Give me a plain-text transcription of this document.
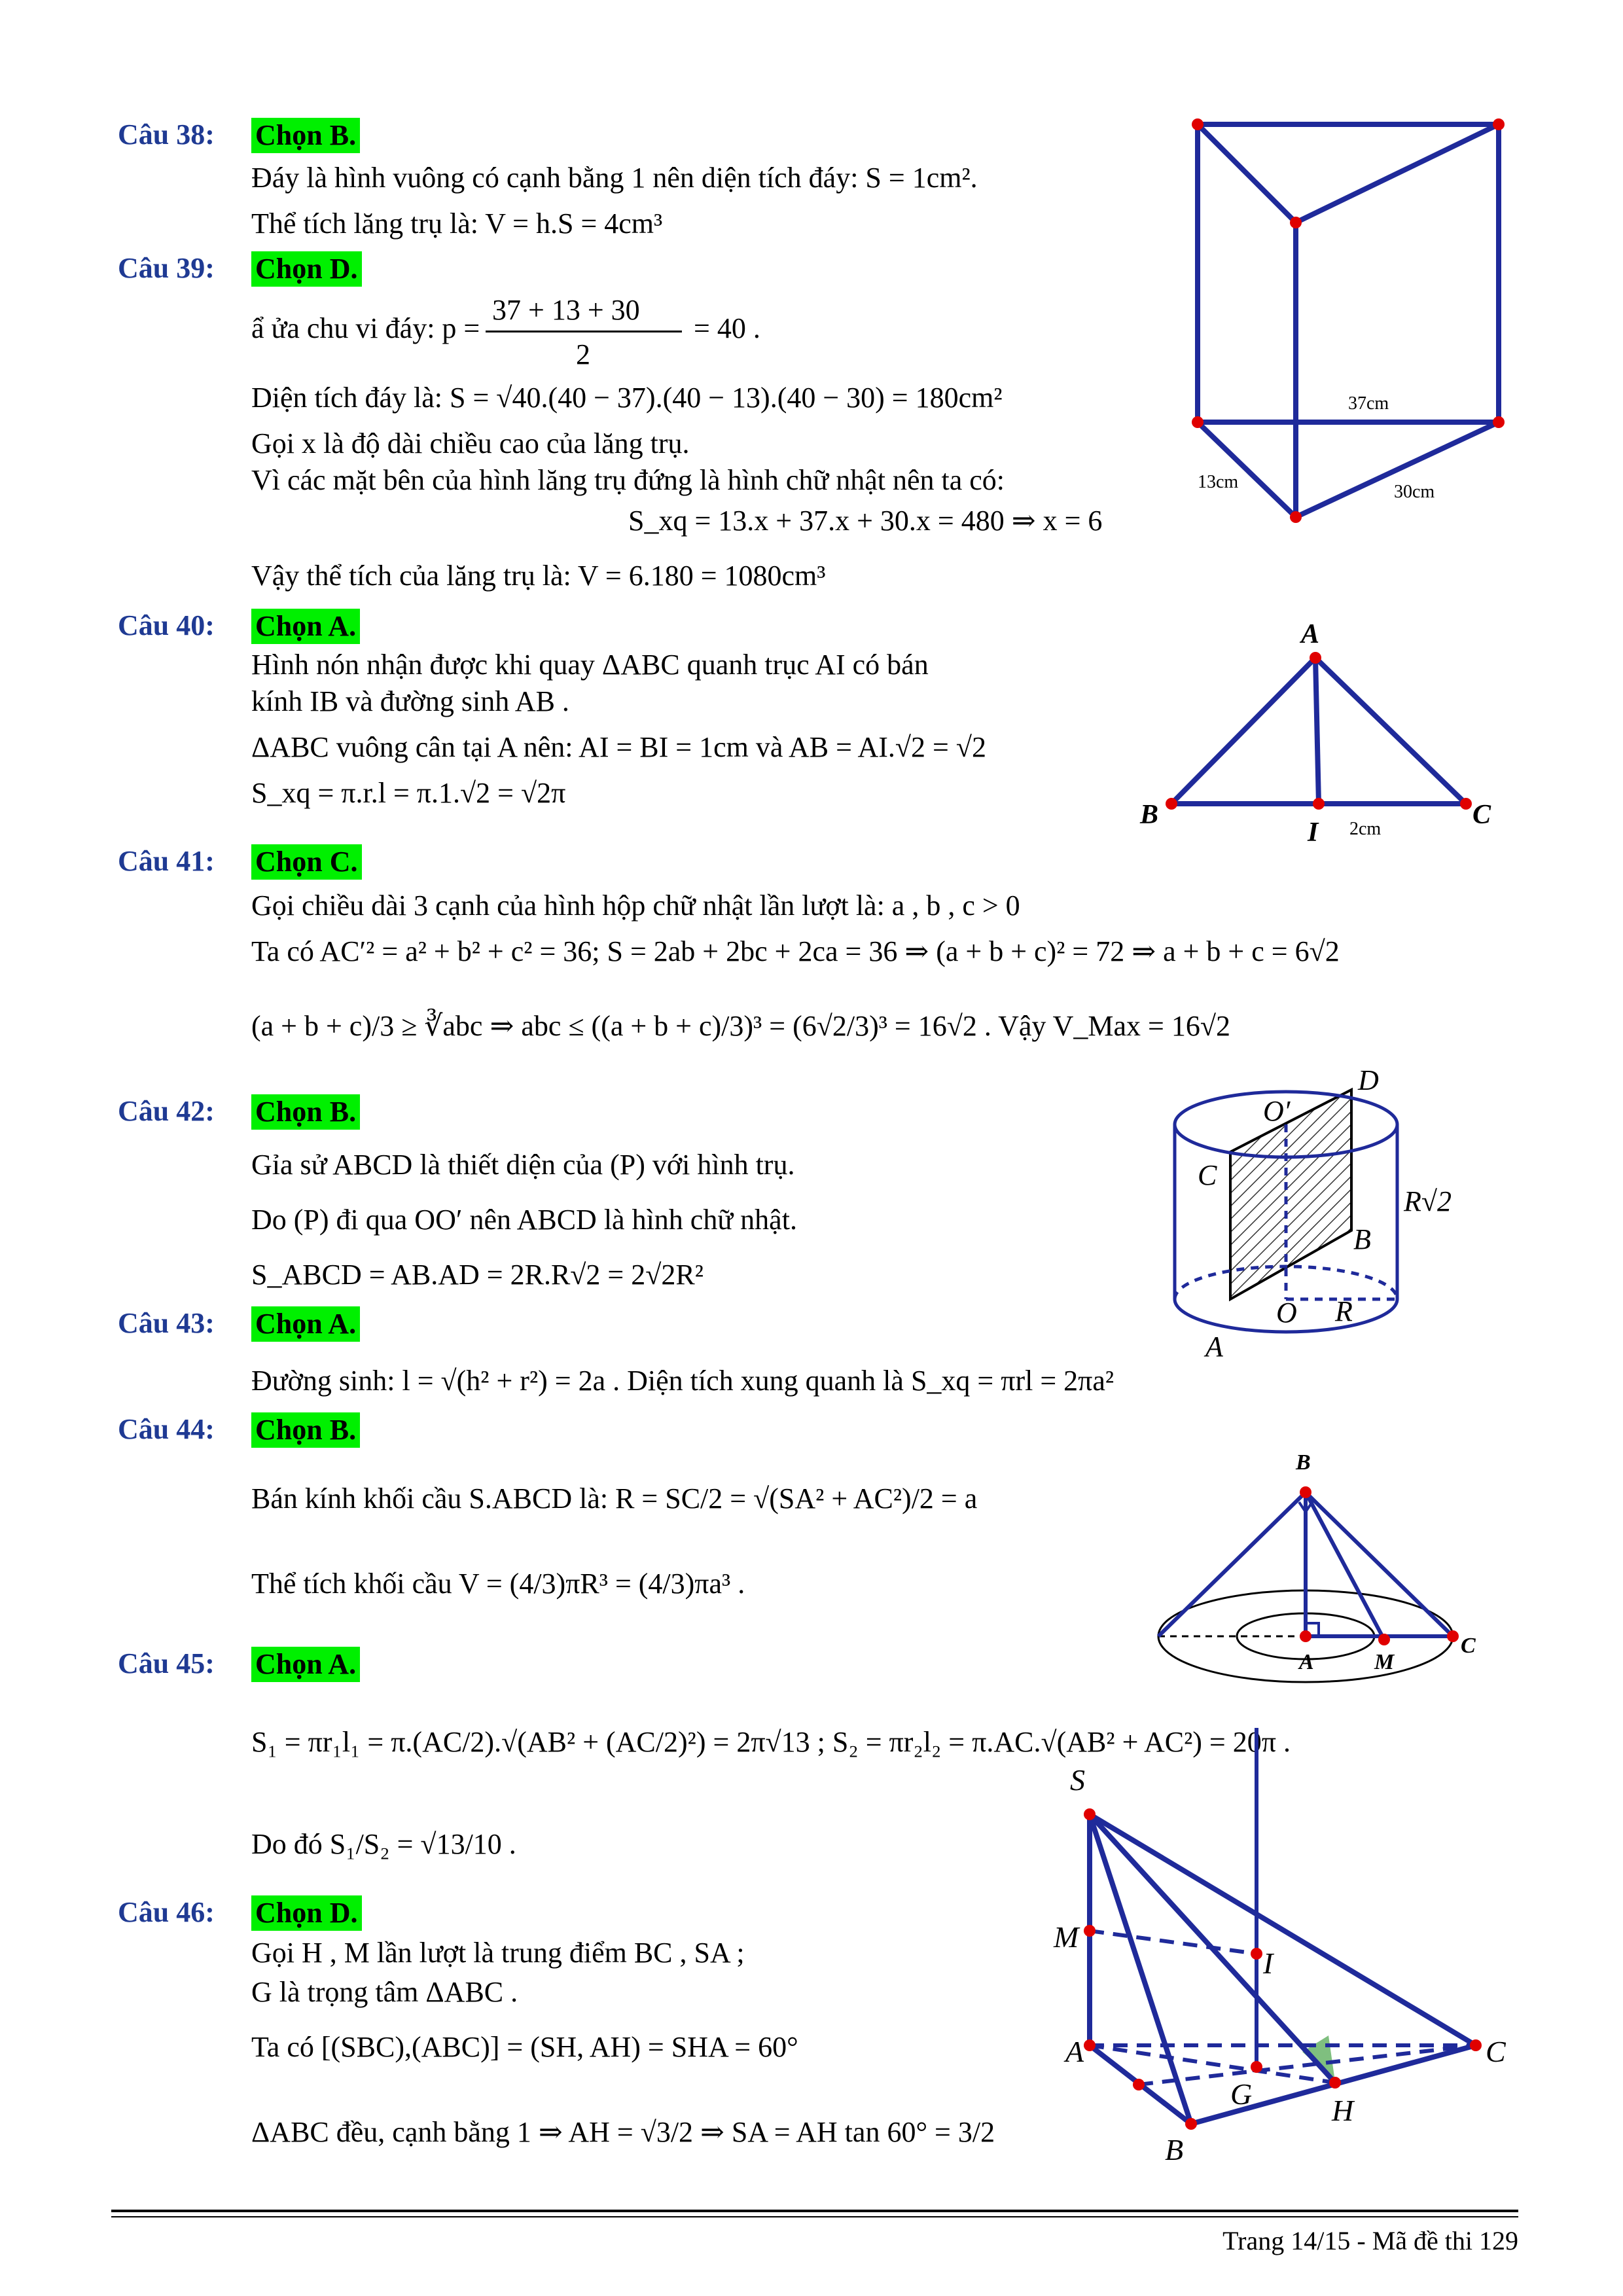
Câu 38: Chọn B.
Đáy là hình vuông có cạnh bằng 1 nên diện tích đáy: S = 1cm².
Thể tích lăng trụ là: V = h.S = 4cm³
Câu 39: Chọn D.
ẩ ửa chu vi đáy: p =
37 + 13 + 30
2
= 40 .
Diện tích đáy là: S = √40.(40 − 37).(40 − 13).(40 − 30) = 180cm²
Gọi x là độ dài chiều cao của lăng trụ.
Vì các mặt bên của hình lăng trụ đứng là hình chữ nhật nên ta có:
S_xq = 13.x + 37.x + 30.x = 480 ⇒ x = 6
Vậy thể tích của lăng trụ là: V = 6.180 = 1080cm³
Câu 40: Chọn A.
Hình nón nhận được khi quay ΔABC quanh trục AI có bán
kính IB và đường sinh AB .
ΔABC vuông cân tại A nên: AI = BI = 1cm và AB = AI.√2 = √2
S_xq = π.r.l = π.1.√2 = √2π
Câu 41: Chọn C.
Gọi chiều dài 3 cạnh của hình hộp chữ nhật lần lượt là: a , b , c > 0
Ta có AC′² = a² + b² + c² = 36; S = 2ab + 2bc + 2ca = 36 ⇒ (a + b + c)² = 72 ⇒ a + b + c = 6√2
(a + b + c)/3 ≥ ∛abc ⇒ abc ≤ ((a + b + c)/3)³ = (6√2/3)³ = 16√2 . Vậy V_Max = 16√2
Câu 42: Chọn B.
Gỉa sử ABCD là thiết diện của (P) với hình trụ.
Do (P) đi qua OO′ nên ABCD là hình chữ nhật.
S_ABCD = AB.AD = 2R.R√2 = 2√2R²
Câu 43: Chọn A.
Đường sinh: l = √(h² + r²) = 2a . Diện tích xung quanh là S_xq = πrl = 2πa²
Câu 44: Chọn B.
Bán kính khối cầu S.ABCD là: R = SC/2 = √(SA² + AC²)/2 = a
Thể tích khối cầu V = (4/3)πR³ = (4/3)πa³ .
Câu 45: Chọn A.
S₁ = πr₁l₁ = π.(AC/2).√(AB² + (AC/2)²) = 2π√13 ; S₂ = πr₂l₂ = π.AC.√(AB² + AC²) = 20π .
Do đó S₁/S₂ = √13/10 .
Câu 46: Chọn D.
Gọi H , M lần lượt là trung điểm BC , SA ;
G là trọng tâm ΔABC .
Ta có [(SBC),(ABC)] = (SH, AH) = SHA = 60°
ΔABC đều, cạnh bằng 1 ⇒ AH = √3/2 ⇒ SA = AH tan 60° = 3/2
37cm
13cm	30cm
A
B
I
C
2cm
D
O′
C
R√2
B
O R
A
B
A	M
C
S
M
I
A	C
G	H
B
Trang 14/15 - Mã đề thi 129
